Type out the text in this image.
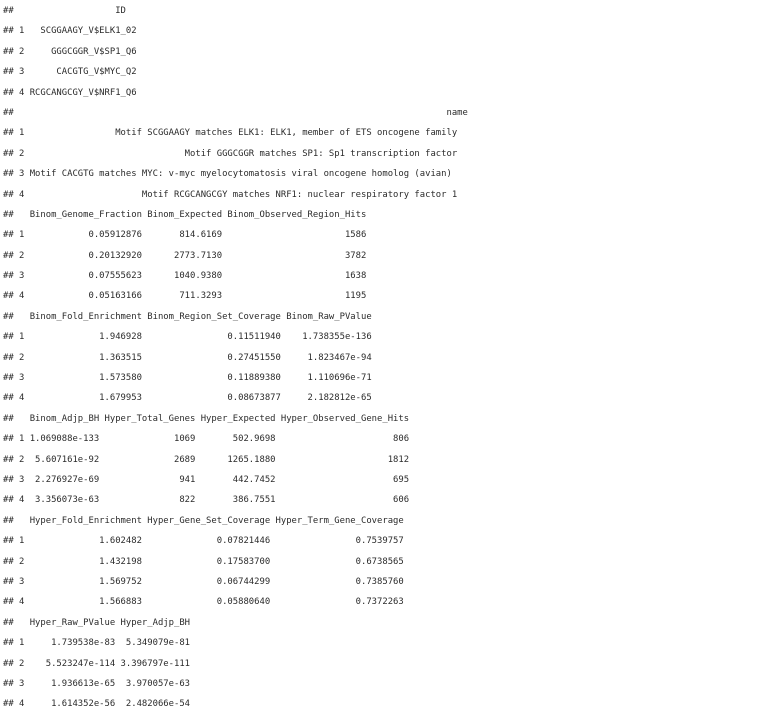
##                   ID
## 1   SCGGAAGY_V$ELK1_02
## 2     GGGCGGR_V$SP1_Q6
## 3      CACGTG_V$MYC_Q2
## 4 RCGCANGCGY_V$NRF1_Q6
##                                                                                 name
## 1                 Motif SCGGAAGY matches ELK1: ELK1, member of ETS oncogene family
## 2                              Motif GGGCGGR matches SP1: Sp1 transcription factor
## 3 Motif CACGTG matches MYC: v-myc myelocytomatosis viral oncogene homolog (avian)
## 4                      Motif RCGCANGCGY matches NRF1: nuclear respiratory factor 1
##   Binom_Genome_Fraction Binom_Expected Binom_Observed_Region_Hits
## 1            0.05912876       814.6169                       1586
## 2            0.20132920      2773.7130                       3782
## 3            0.07555623      1040.9380                       1638
## 4            0.05163166       711.3293                       1195
##   Binom_Fold_Enrichment Binom_Region_Set_Coverage Binom_Raw_PValue
## 1              1.946928                0.11511940    1.738355e-136
## 2              1.363515                0.27451550     1.823467e-94
## 3              1.573580                0.11889380     1.110696e-71
## 4              1.679953                0.08673877     2.182812e-65
##   Binom_Adjp_BH Hyper_Total_Genes Hyper_Expected Hyper_Observed_Gene_Hits
## 1 1.069088e-133              1069       502.9698                      806
## 2  5.607161e-92              2689      1265.1880                     1812
## 3  2.276927e-69               941       442.7452                      695
## 4  3.356073e-63               822       386.7551                      606
##   Hyper_Fold_Enrichment Hyper_Gene_Set_Coverage Hyper_Term_Gene_Coverage
## 1              1.602482              0.07821446                0.7539757
## 2              1.432198              0.17583700                0.6738565
## 3              1.569752              0.06744299                0.7385760
## 4              1.566883              0.05880640                0.7372263
##   Hyper_Raw_PValue Hyper_Adjp_BH
## 1     1.739538e-83  5.349079e-81
## 2    5.523247e-114 3.396797e-111
## 3     1.936613e-65  3.970057e-63
## 4     1.614352e-56  2.482066e-54
